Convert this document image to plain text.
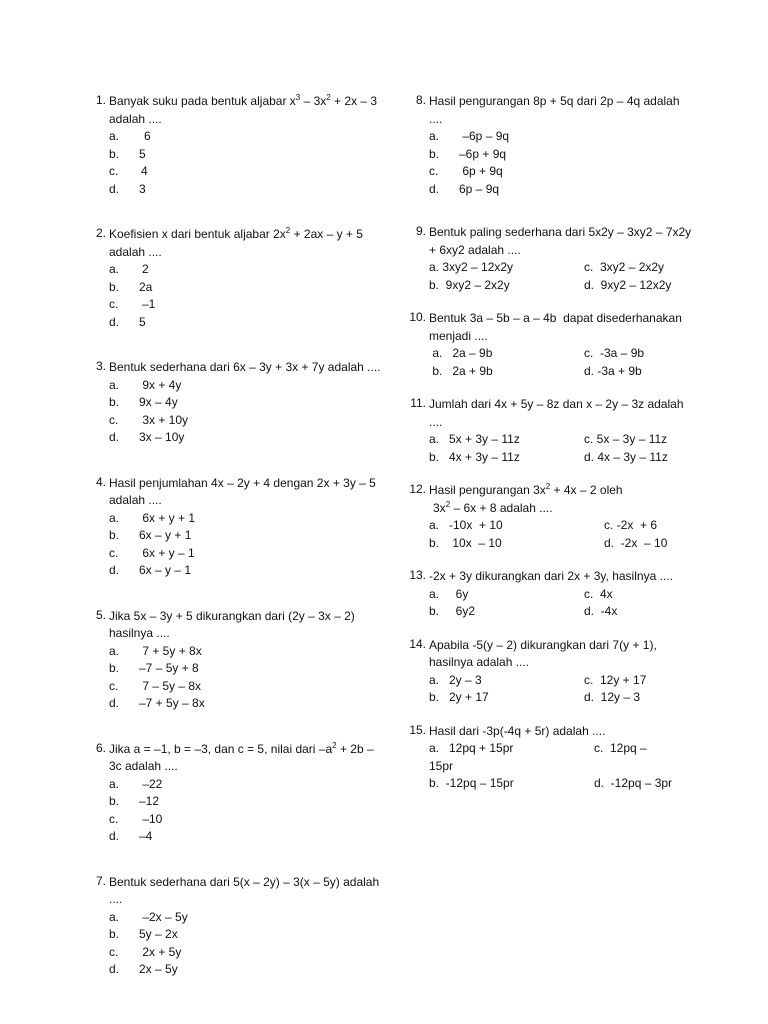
1. Banyak suku pada bentuk aljabar $x^3 - 3x^2 + 2x - 3$ adalah ....
a.	6
b.	5
c.	4
d.	3
2. Koefisien x dari bentuk aljabar $2x^2 + 2ax - y + 5$ adalah ....
a.	2
b.	2a
c.	–1
d.	5
3. Bentuk sederhana dari 6x – 3y + 3x + 7y adalah ....
a.	9x + 4y
b.	9x – 4y
c.	3x + 10y
d.	3x – 10y
4. Hasil penjumlahan 4x – 2y + 4 dengan 2x + 3y – 5 adalah ....
a.	6x + y + 1
b.	6x – y + 1
c.	6x + y – 1
d.	6x – y – 1
5. Jika 5x – 3y + 5 dikurangkan dari (2y – 3x – 2) hasilnya ....
a.	7 + 5y + 8x
b.	–7 – 5y + 8
c.	7 – 5y – 8x
d.	–7 + 5y – 8x
6. Jika a = –1, b = –3, dan c = 5, nilai dari $-a^2 + 2b - 3c$ adalah ....
a.	–22
b.	–12
c.	–10
d.	–4
7. Bentuk sederhana dari 5(x – 2y) – 3(x – 5y) adalah ....
a.	–2x – 5y
b.	5y – 2x
c.	2x + 5y
d.	2x – 5y
8. Hasil pengurangan 8p + 5q dari 2p – 4q adalah ....
a.	–6p – 9q
b.	–6p + 9q
c.	6p + 9q
d.	6p – 9q
9. Bentuk paling sederhana dari 5x2y – 3xy2 – 7x2y + 6xy2 adalah ....
a. 3xy2 – 12x2y	c.  3xy2 – 2x2y
b.  9xy2 – 2x2y	d.  9xy2 – 12x2y
10. Bentuk 3a – 5b – a – 4b  dapat disederhanakan menjadi ....
a.   2a – 9b	c.  -3a – 9b
b.   2a + 9b	d. -3a + 9b
11. Jumlah dari 4x + 5y – 8z dan x – 2y – 3z adalah ....
a.   5x + 3y – 11z	c. 5x – 3y – 11z
b.   4x + 3y – 11z	d. 4x – 3y – 11z
12. Hasil pengurangan $3x^2 + 4x - 2$ oleh
$3x^2 - 6x + 8$ adalah ....
a.   -10x  + 10	c. -2x  + 6
b.    10x  – 10	d.  -2x  – 10
13. -2x + 3y dikurangkan dari 2x + 3y, hasilnya ....
a.     6y	c.  4x
b.     6y2	d.  -4x
14. Apabila -5(y – 2) dikurangkan dari 7(y + 1), hasilnya adalah ....
a.   2y – 3	c.  12y + 17
b.   2y + 17	d.  12y – 3
15. Hasil dari -3p(-4q + 5r) adalah ....
a.   12pq + 15pr	c.  12pq –
15pr
b.  -12pq – 15pr	d.  -12pq – 3pr
